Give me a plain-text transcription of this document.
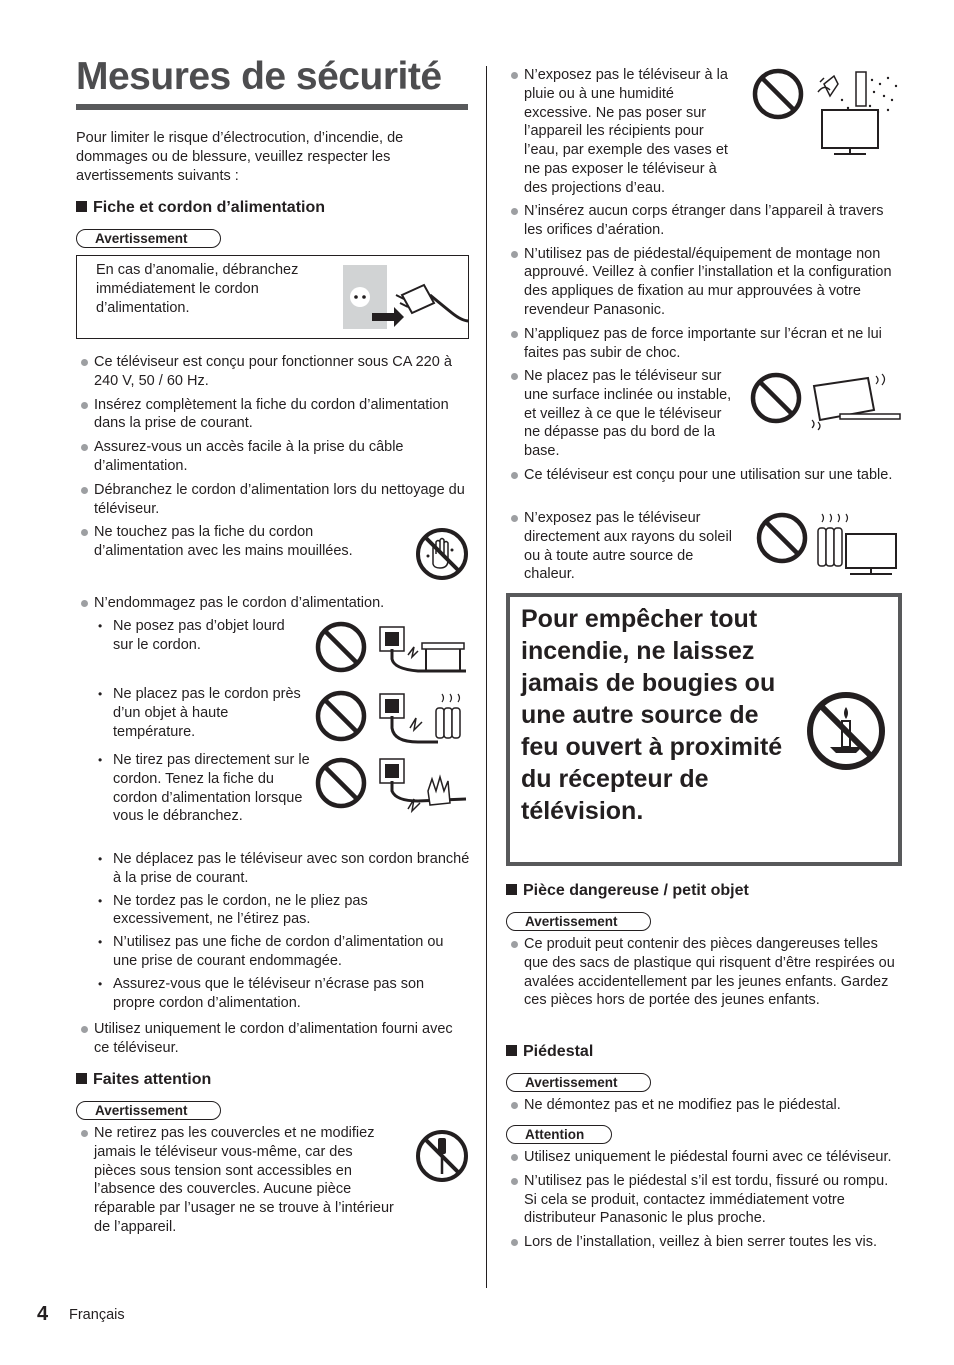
Mesures de sécurité
Pour limiter le risque d’électrocution, d’incendie, de dommages ou de blessure, veuillez respecter les avertissements suivants :
Fiche et cordon d’alimentation
Avertissement
En cas d’anomalie, débranchez immédiatement le cordon d’alimentation.
Ce téléviseur est conçu pour fonctionner sous CA 220 à 240 V, 50 / 60 Hz.
Insérez complètement la fiche du cordon d’alimentation dans la prise de courant.
Assurez-vous un accès facile à la prise du câble d’alimentation.
Débranchez le cordon d’alimentation lors du nettoyage du téléviseur.
Ne touchez pas la fiche du cordon d’alimentation avec les mains mouillées.
N’endommagez pas le cordon d’alimentation.
• Ne posez pas d’objet lourd sur le cordon.
• Ne placez pas le cordon près d’un objet à haute température.
• Ne tirez pas directement sur le cordon. Tenez la fiche du cordon d’alimentation lorsque vous le débranchez.
• Ne déplacez pas le téléviseur avec son cordon branché à la prise de courant.
• Ne tordez pas le cordon, ne le pliez pas excessivement, ne l’étirez pas.
• N’utilisez pas une fiche de cordon d’alimentation ou une prise de courant endommagée.
• Assurez-vous que le téléviseur n’écrase pas son propre cordon d’alimentation.
Utilisez uniquement le cordon d’alimentation fourni avec ce téléviseur.
Faites attention
Avertissement
Ne retirez pas les couvercles et ne modifiez jamais le téléviseur vous-même, car des pièces sous tension sont accessibles en l’absence des couvercles. Aucune pièce réparable par l’usager ne se trouve à l’intérieur de l’appareil.
N’exposez pas le téléviseur à la pluie ou à une humidité excessive. Ne pas poser sur l’appareil les récipients pour l’eau, par exemple des vases et ne pas exposer le téléviseur à des projections d’eau.
N’insérez aucun corps étranger dans l’appareil à travers les orifices d’aération.
N’utilisez pas de piédestal/équipement de montage non approuvé. Veillez à confier l’installation et la configuration des appliques de fixation au mur approuvées à votre revendeur Panasonic.
N’appliquez pas de force importante sur l’écran et ne lui faites pas subir de choc.
Ne placez pas le téléviseur sur une surface inclinée ou instable, et veillez à ce que le téléviseur ne dépasse pas du bord de la base.
Ce téléviseur est conçu pour une utilisation sur une table.
N’exposez pas le téléviseur directement aux rayons du soleil ou à toute autre source de chaleur.
Pour empêcher tout incendie, ne laissez jamais de bougies ou une autre source de feu ouvert à proximité du récepteur de télévision.
Pièce dangereuse / petit objet
Avertissement
Ce produit peut contenir des pièces dangereuses telles que des sacs de plastique qui risquent d’être respirées ou avalées accidentellement par les jeunes enfants. Gardez ces pièces hors de portée des jeunes enfants.
Piédestal
Avertissement
Ne démontez pas et ne modifiez pas le piédestal.
Attention
Utilisez uniquement le piédestal fourni avec ce téléviseur.
N’utilisez pas le piédestal s’il est tordu, fissuré ou rompu. Si cela se produit, contactez immédiatement votre distributeur Panasonic le plus proche.
Lors de l’installation, veillez à bien serrer toutes les vis.
4 Français
